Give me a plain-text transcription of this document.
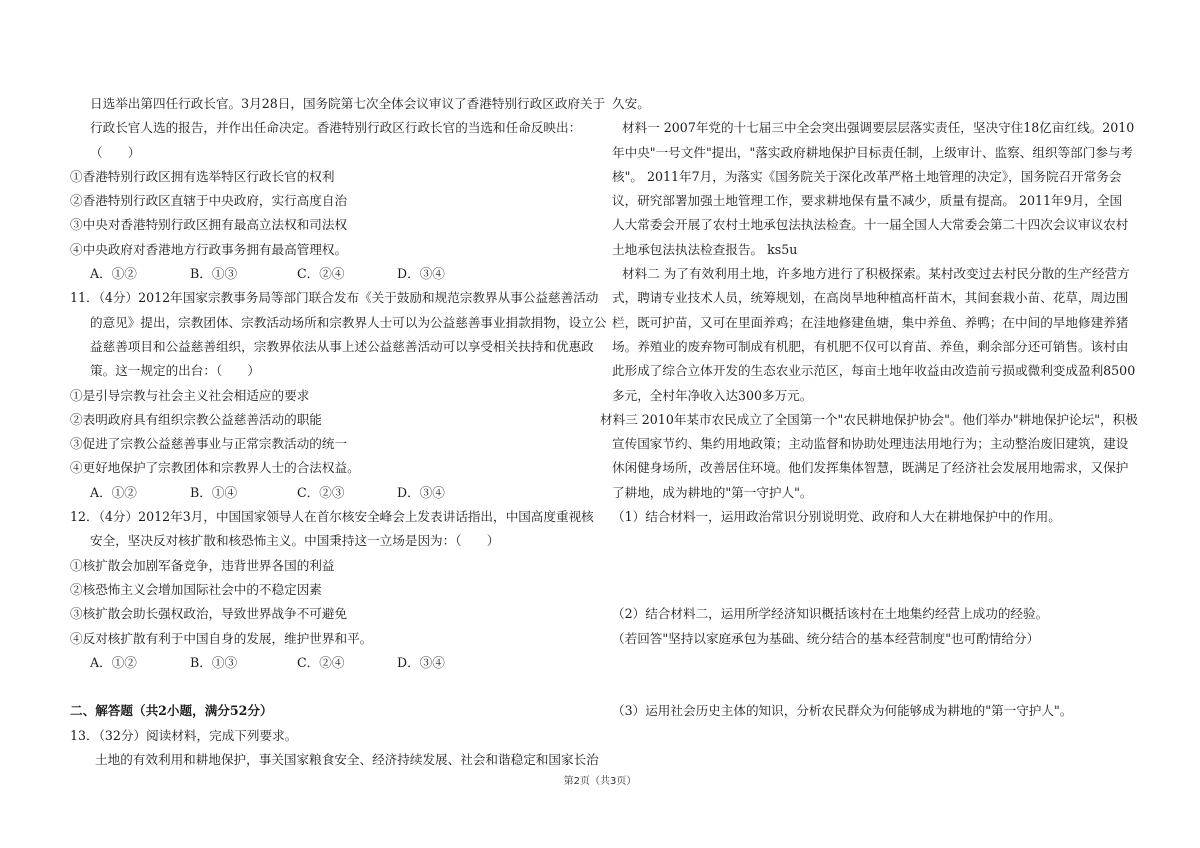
日选举出第四任行政长官。3月28日，国务院第七次全体会议审议了香港特别行政区政府关于
行政长官人选的报告，并作出任命决定。香港特别行政区行政长官的当选和任命反映出：
（　　）
①香港特别行政区拥有选举特区行政长官的权利
②香港特别行政区直辖于中央政府，实行高度自治
③中央对香港特别行政区拥有最高立法权和司法权
④中央政府对香港地方行政事务拥有最高管理权。
A．①②	B．①③	C．②④	D．③④
11．（4分）2012年国家宗教事务局等部门联合发布《关于鼓励和规范宗教界从事公益慈善活动
的意见》提出，宗教团体、宗教活动场所和宗教界人士可以为公益慈善事业捐款捐物，设立公
益慈善项目和公益慈善组织，宗教界依法从事上述公益慈善活动可以享受相关扶持和优惠政
策。这一规定的出台：（　　）
①是引导宗教与社会主义社会相适应的要求
②表明政府具有组织宗教公益慈善活动的职能
③促进了宗教公益慈善事业与正常宗教活动的统一
④更好地保护了宗教团体和宗教界人士的合法权益。
A．①②	B．①④	C．②③	D．③④
12．（4分）2012年3月，中国国家领导人在首尔核安全峰会上发表讲话指出，中国高度重视核
安全，坚决反对核扩散和核恐怖主义。中国秉持这一立场是因为：（　　）
①核扩散会加剧军备竞争，违背世界各国的利益
②核恐怖主义会增加国际社会中的不稳定因素
③核扩散会助长强权政治，导致世界战争不可避免
④反对核扩散有利于中国自身的发展，维护世界和平。
A．①②	B．①③	C．②④	D．③④
二、解答题（共2小题，满分52分）
13．（32分）阅读材料，完成下列要求。
土地的有效利用和耕地保护，事关国家粮食安全、经济持续发展、社会和谐稳定和国家长治
久安。
材料一 2007年党的十七届三中全会突出强调要层层落实责任，坚决守住18亿亩红线。2010
年中央"一号文件"提出，"落实政府耕地保护目标责任制，上级审计、监察、组织等部门参与考
核"。 2011年7月，为落实《国务院关于深化改革严格土地管理的决定》，国务院召开常务会
议，研究部署加强土地管理工作，要求耕地保有量不减少，质量有提高。 2011年9月，全国
人大常委会开展了农村土地承包法执法检查。十一届全国人大常委会第二十四次会议审议农村
土地承包法执法检查报告。 ks5u
材料二 为了有效利用土地，许多地方进行了积极探索。某村改变过去村民分散的生产经营方
式，聘请专业技术人员，统筹规划，在高岗旱地种植高杆苗木，其间套栽小苗、花草，周边围
栏，既可护苗，又可在里面养鸡；在洼地修建鱼塘，集中养鱼、养鸭；在中间的旱地修建养猪
场。养殖业的废弃物可制成有机肥，有机肥不仅可以育苗、养鱼，剩余部分还可销售。该村由
此形成了综合立体开发的生态农业示范区，每亩土地年收益由改造前亏损或微利变成盈利8500
多元，全村年净收入达300多万元。
材料三 2010年某市农民成立了全国第一个"农民耕地保护协会"。他们举办"耕地保护论坛"，积极
宣传国家节约、集约用地政策；主动监督和协助处理违法用地行为；主动整治废旧建筑，建设
休闲健身场所，改善居住环境。他们发挥集体智慧，既满足了经济社会发展用地需求，又保护
了耕地，成为耕地的"第一守护人"。
（1）结合材料一，运用政治常识分别说明党、政府和人大在耕地保护中的作用。
（2）结合材料二，运用所学经济知识概括该村在土地集约经营上成功的经验。
（若回答"坚持以家庭承包为基础、统分结合的基本经营制度"也可酌情给分）
（3）运用社会历史主体的知识，分析农民群众为何能够成为耕地的"第一守护人"。
第2页（共3页）
